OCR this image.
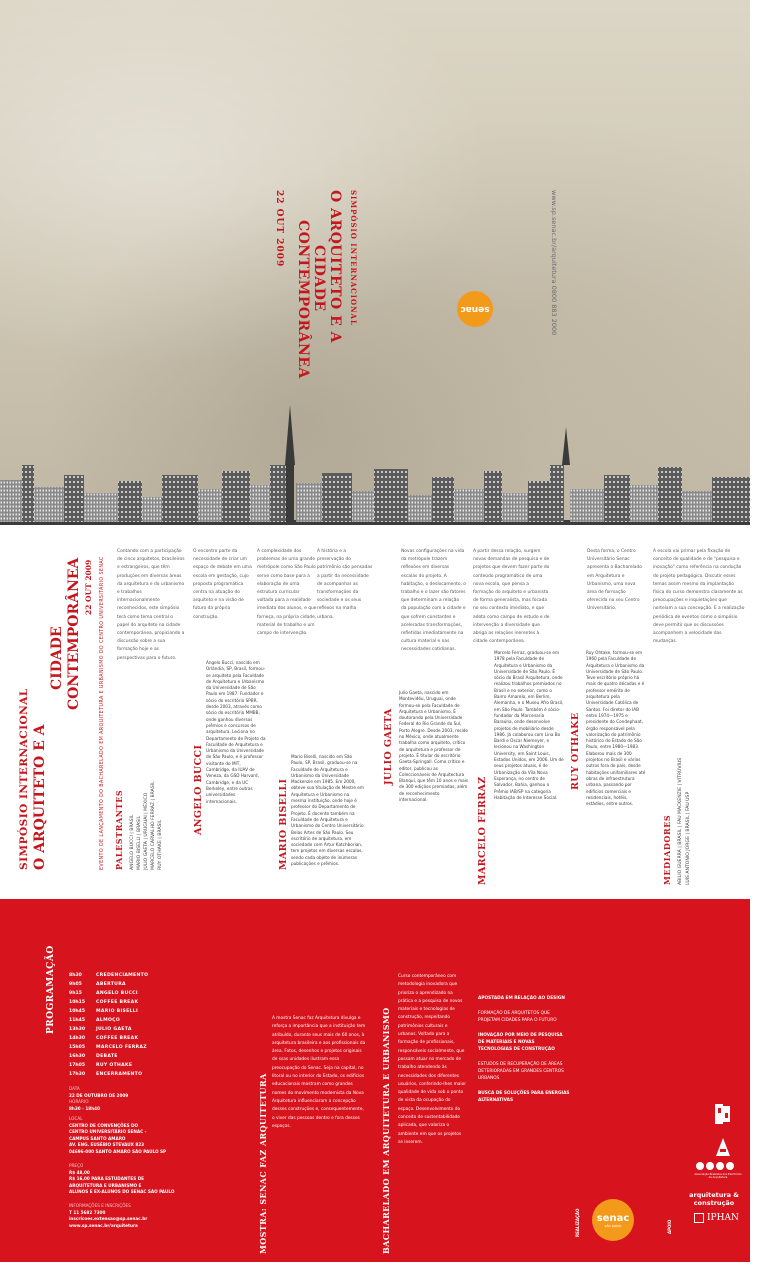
SIMPÓSIO INTERNACIONAL
O ARQUITETO E A
CIDADE
CONTEMPORÂNEA
22 OUT 2009
senac	www.sp.senac.br/arquitetura 0800 883 2000
SIMPÓSIO INTERNACIONAL O ARQUITETO E A
CIDADE CONTEMPORÂNEA 22 OUT 2009 EVENTO DE LANÇAMENTO DO BACHARELADO EM ARQUITETURA E URBANISMO DO CENTRO UNIVERSITÁRIO SENAC PALESTRANTES ANGELO BUCCI | BRASIL MARIO BISELLI | BRASIL JULIO GAETA | URUGUAI | MÉXICO MARCELO CARVALHO FERRAZ | BRASIL RUY OTHAKE | BRASIL
Contando com a participação de cinco arquitetos, brasileiros e estrangeiros, que têm produções em diversas áreas da arquitetura e do urbanismo e trabalhos internacionalmente reconhecidos, este simpósio terá como tema central o papel do arquiteto na cidade contemporânea, propiciando a discussão sobre a sua formação hoje e as perspectivas para o futuro.
O encontro parte da necessidade de criar um espaço de debate em uma escola em gestação, cujo proposta programática centra na atuação do arquiteto e na visão de futuro da própria construção.
A complexidade dos problemas de uma grande metrópole como São Paulo serve como base para a elaboração de uma estrutura curricular voltada para a realidade imediata dos alunos, e que forneça, na própria cidade, material de trabalho e um campo de intervenção.
A história e a preservação do patrimônio são pensadas a partir da necessidade de acompanhar as transformações da sociedade e os seus reflexos na malha urbana.
Novas configurações na vida da metrópole trazem reflexões em diversas escalas do projeto. A habitação, o deslocamento, o trabalho e o lazer são fatores que determinam a relação da população com a cidade e que sofrem constantes e aceleradas transformações, refletidas imediatamente na cultura material e nas necessidades cotidianas.
A partir dessa relação, surgem novas demandas de pesquisa e de projetos que devem fazer parte do conteúdo programático de uma nova escola, que pensa a formação do arquiteto e urbanista de forma generalista, mas focada no seu contexto imediato, e que adota como campo de estudo e de intervenção a diversidade que abriga as relações inerentes à cidade contemporânea.
Desta forma, o Centro Universitário Senac apresenta o Bacharelado em Arquitetura e Urbanismo, uma nova área de formação oferecida no seu Centro Universitário.
A escola vai primar pela fixação de conceito de qualidade e de "pesquisa e inovação" como referência na condução do projeto pedagógico. Discutir esses temas assim mesmo da implantação física do curso demonstra claramente as preocupações e inquietações que norteiam a sua concepção. E a realização periódica de eventos como o simpósio deve permitir que os discussões acompanhem a velocidade das mudanças.
ANGELO BUCCI
Angelo Bucci, nascido em Orlândia, SP, Brasil, formou-se arquiteto pela Faculdade de Arquitetura e Urbanismo da Universidade de São Paulo em 1987. Fundador e sócio do escritório SPBR, desde 2003, através como sócio do escritório MMBB, onde ganhou diversos prêmios e concursos de arquitetura. Leciona no Departamento de Projeto da Faculdade de Arquitetura e Urbanismo da Universidade de São Paulo, e é professor visitante do MIT, Cambridge, da IUAV de Veneza, da GSD Harvard, Cambridge, e da UC Berkeley, entre outras universidades internacionais.	MARIO BISELLI
Mario Biselli, nascido em São Paulo, SP, Brasil, graduou-se na Faculdade de Arquitetura e Urbanismo da Universidade Mackenzie em 1985. Em 2000, obteve sua titulação de Mestre em Arquitetura e Urbanismo na mesma instituição, onde hoje é professor do Departamento de Projeto. É docente também na Faculdade de Arquitetura e Urbanismo do Centro Universitário Belas Artes de São Paulo. Seu escritório de arquitetura, em sociedade com Artur Katchborian, tem projetos em diversas escalas, sendo cada objeto de inúmeras publicações e prêmios.
JULIO GAETA
Julio Gaeta, nascido em Montevidéu, Uruguai, onde formou-se pela Faculdade de Arquitetura e Urbanismo. É doutorando pela Universidade Federal do Rio Grande do Sul, Porto Alegre. Desde 2003, reside no México, onde atualmente trabalha como arquiteto, crítico de arquitetura e professor de projeto. É titular do escritório Gaeta-Springall. Como crítico e editor, publicou as Coleccionáveis de Arquitectura Blanqui, que têm 10 anos e mais de 300 edições premiadas, além de reconhecimento internacional.	MARCELO FERRAZ
Marcelo Ferraz, graduou-se em 1978 pela Faculdade de Arquitetura e Urbanismo da Universidade de São Paulo. É sócio do Brasil Arquitetura, onde realizou trabalhos premiados no Brasil e no exterior, como o Bairro Amarelo, em Berlim, Alemanha, e o Museu Afro Brasil, em São Paulo. Também é sócio-fundador da Marcenaria Baraúna, onde desenvolve projetos de mobiliário desde 1986. Já colaborou com Lina Bo Bardi e Oscar Niemeyer, e lecionou na Washington University, em Saint Louis, Estados Unidos, em 2006. Um de seus projetos atuais, é de Urbanização da Vila Nova Esperança, no centro de Salvador, Bahia, ganhou o Prêmio IAB/SP na categoria Habitação de Interesse Social.
RUY OTHAKE
Ruy Ohtake, formou-se em 1960 pela Faculdade de Arquitetura e Urbanismo da Universidade de São Paulo. Teve escritório próprio há mais de quatro décadas e é professor emérito de arquitetura pela Universidade Católica de Santos. Foi diretor do IAB entre 1974—1975 e presidente do Condephaat, órgão responsável pela valorização do patrimônio histórico do Estado de São Paulo, entre 1980—1983. Elaborou mais de 300 projetos no Brasil e vários outros fora do país, desde habitações unifamiliares até obras de infraestrutura urbana, passando por edifícios comerciais e residenciais, hotéis, estádios, entre outros.
MEDIADORES ABILIO GUERRA | BRASIL | FAU MACKENZIE | VITRUVIUS LUIS ANTONIO JORGE | BRASIL | FAU USP
PROGRAMAÇÃO	8h30	CREDENCIAMENTO
9h05	ABERTURA
9h15	ANGELO BUCCI
10h15	COFFEE BREAK
10h45	MARIO BISELLI
11h45	ALMOÇO
13h30	JULIO GAETA
14h30	COFFEE BREAK
15h05	MARCELO FERRAZ
16h30	DEBATE
17h05	RUY OTHAKE
17h30	ENCERRAMENTO
DATA
22 DE OUTUBRO DE 2009
HORÁRIO
8h30 - 18h40
LOCAL
CENTRO DE CONVENÇÕES DO
CENTRO UNIVERSITÁRIO SENAC -
CAMPUS SANTO AMARO
AV. ENG. EUSÉBIO STEVAUX 823
04696-000 SANTO AMARO SÃO PAULO SP
PREÇO
R$ 48,00
R$ 16,00 PARA ESTUDANTES DE
ARQUITETURA E URBANISMO E
ALUNOS E EX-ALUNOS DO SENAC SÃO PAULO
INFORMAÇÕES E INSCRIÇÕES
T 11 5682 7300
inscricoes.extensao@sp.senac.br
www.sp.senac.br/arquitetura	MOSTRA: SENAC FAZ ARQUITETURA
A mostra Senac faz Arquitetura divulga e reforça a importância que a instituição tem atribuído, durante seus mais de 60 anos, à arquitetura brasileira e aos profissionais da área. Fotos, desenhos e projetos originais de ssas unidades ilustram essa preocupação do Senac. Seja na capital, no litoral ou no interior do Estado, os edifícios educacionais mostram como grandes nomes do movimento modernista da Nova Arquitetura influenciaram a concepção desses construções e, consequentemente, o viver das pessoas dentro e fora desses espaços.	BACHARELADO EM ARQUITETURA E URBANISMO
Curso contemporâneo com metodologia inovadora que prioriza o aprendizado na prática e a pesquisa de novos materiais e tecnologias de construção, respeitando patrimônios culturais e urbanos. Voltado para a formação de profissionais, responsáveis socialmente, que possam atuar no mercado de trabalho atendendo às necessidades dos diferentes usuários, conferindo-lhes maior qualidade de vida sob o ponto de vista da ocupação do espaço. Desenvolvimento do conceito de sustentabilidade aplicada, que valoriza o ambiente em que os projetos se inserem.
APOSTADA EM RELAÇÃO AO DESIGN
FORMAÇÃO DE ARQUITETOS QUE PROJETAM CIDADES PARA O FUTURO
INOVAÇÃO POR MEIO DE PESQUISA DE MATERIAIS E NOVAS TECNOLOGIAS DE CONSTRUÇÃO
ESTUDOS DE RECUPERAÇÃO DE ÁREAS DETERIORADAS EM GRANDES CENTROS URBANOS
BUSCA DE SOLUÇÕES PARA ENERGIAS ALTERNATIVAS
REALIZAÇÃO senac
são paulo	APOIO
Associação Brasileira dos Escritórios de Arquitetura
arquitetura & construção
IPHAN
